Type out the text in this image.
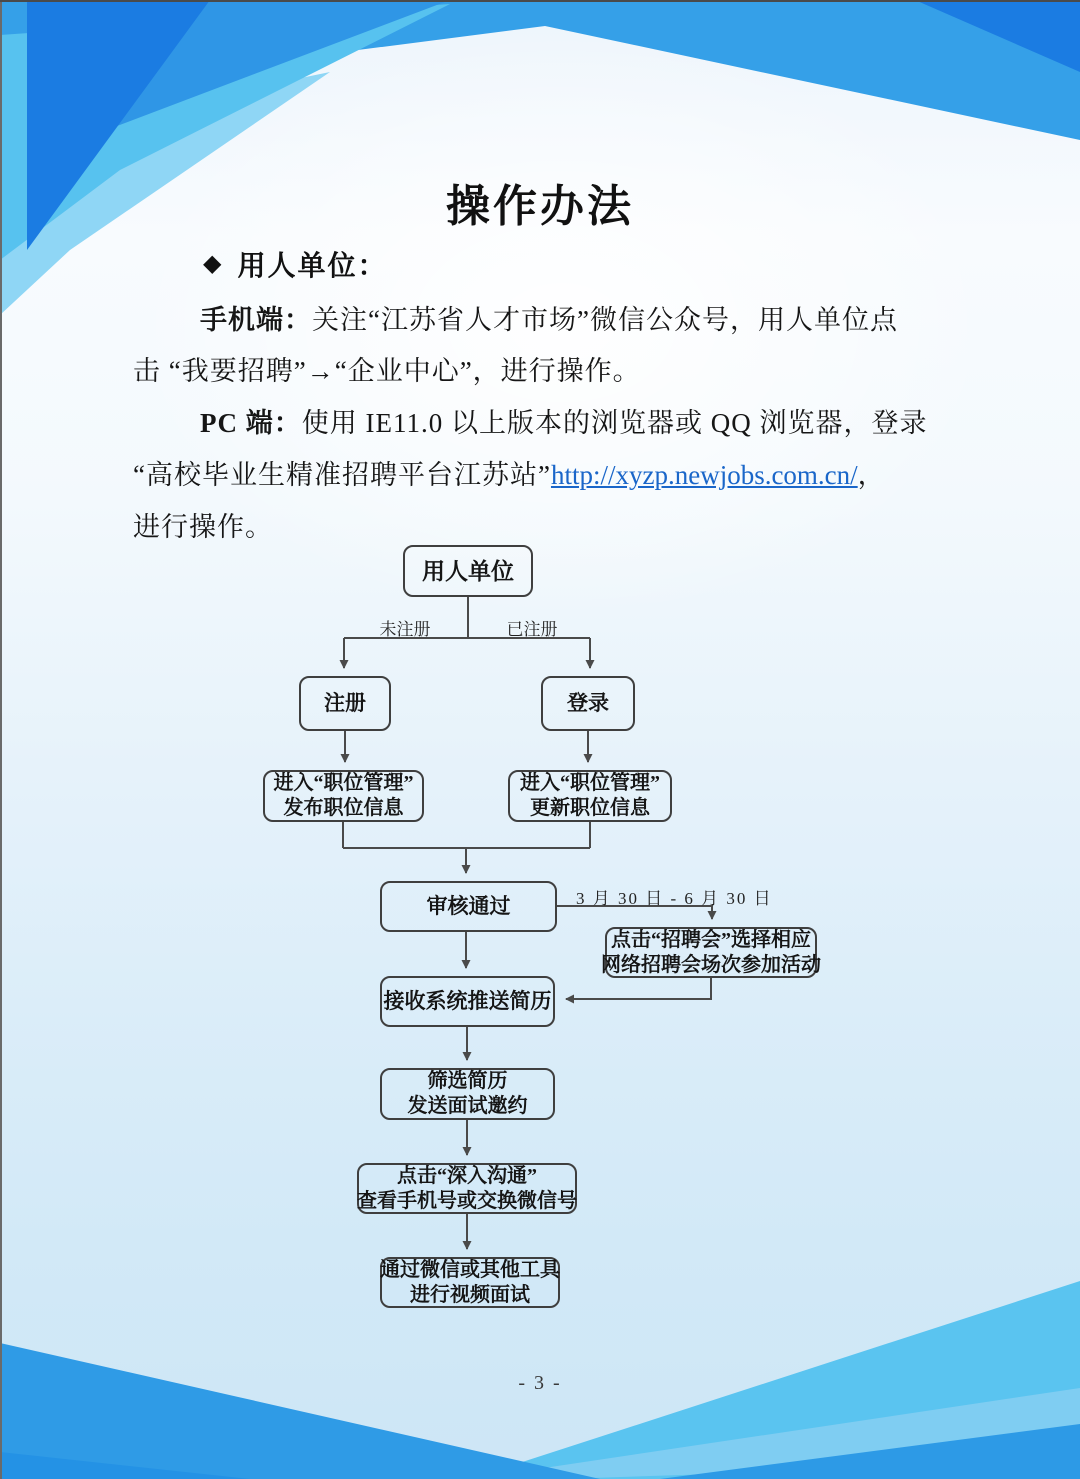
操作办法
◆ 用人单位：
手机端：关注“江苏省人才市场”微信公众号，用人单位点
击 “我要招聘”→“企业中心”，进行操作。
PC 端：使用 IE11.0 以上版本的浏览器或 QQ 浏览器，登录
“高校毕业生精准招聘平台江苏站”http://xyzp.newjobs.com.cn/，
进行操作。
用人单位
未注册	已注册
注册	登录
进入“职位管理”
发布职位信息
进入“职位管理”
更新职位信息
审核通过	3 月 30 日 - 6 月 30 日
点击“招聘会”选择相应
网络招聘会场次参加活动
接收系统推送简历
筛选简历
发送面试邀约
点击“深入沟通”
查看手机号或交换微信号
通过微信或其他工具
进行视频面试
- 3 -
